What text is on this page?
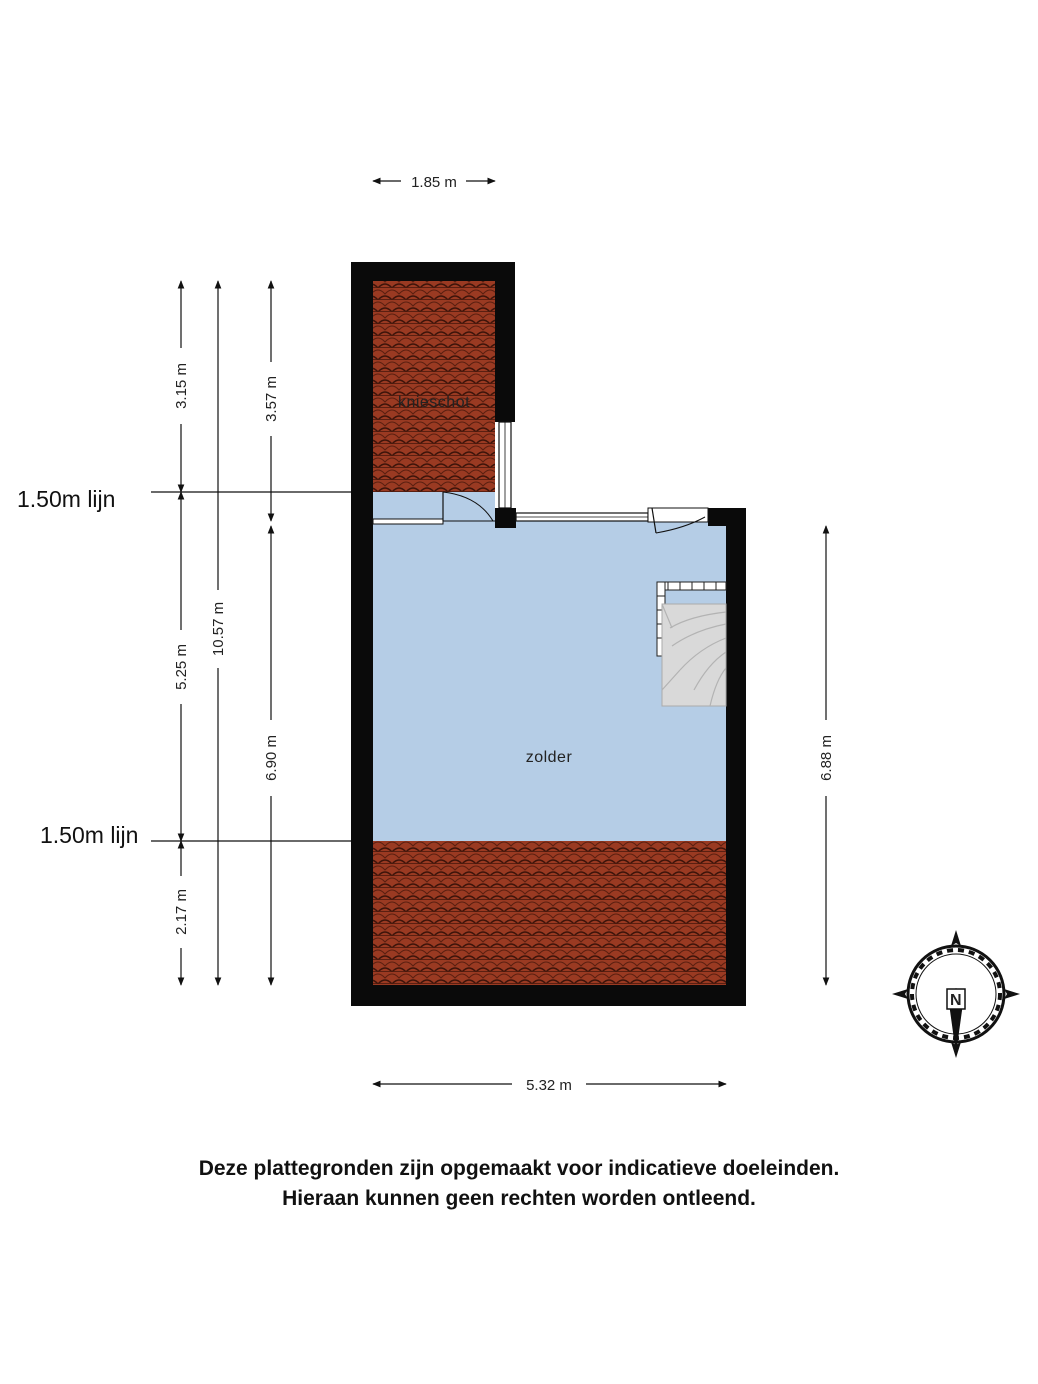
1.85 m
5.32 m
3.15 m
5.25 m
2.17 m
10.57 m
3.57 m
6.90 m	6.88 m
1.50m lijn
1.50m lijn
knieschot
zolder
N
Deze plattegronden zijn opgemaakt voor indicatieve doeleinden.
Hieraan kunnen geen rechten worden ontleend.
